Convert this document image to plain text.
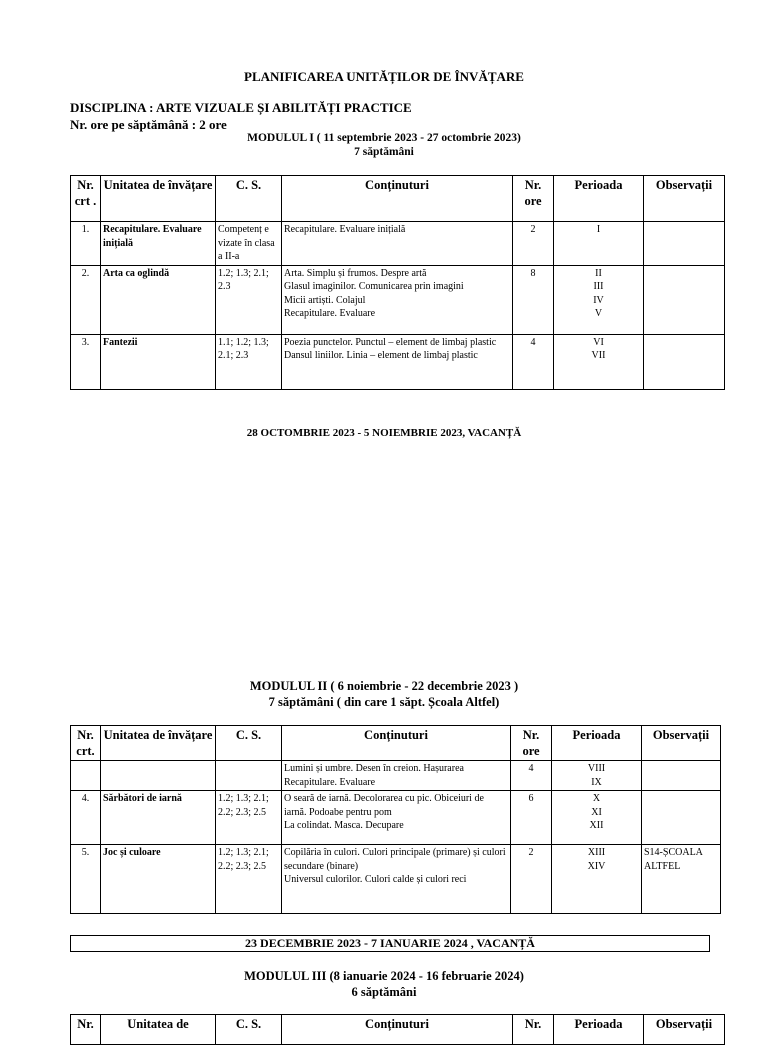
PLANIFICAREA UNITĂȚILOR DE ÎNVĂȚARE
DISCIPLINA : ARTE VIZUALE ȘI ABILITĂȚI PRACTICE
Nr. ore pe săptămână : 2 ore
MODULUL I ( 11 septembrie 2023 - 27 octombrie 2023)
7 săptămâni
Nr. crt .	Unitatea de învățare	C. S.	Conținuturi	Nr. ore	Perioada	Observații
1.	Recapitulare. Evaluare inițială	Competenț e vizate în clasa a II-a	Recapitulare. Evaluare inițială	2	I	

2.	Arta ca oglindă	1.2; 1.3; 2.1; 2.3	Arta. Simplu și frumos. Despre artă
Glasul imaginilor. Comunicarea prin imagini
Micii artiști. Colajul
Recapitulare. Evaluare	8	II
III
IV
V	

3.	Fantezii	1.1; 1.2; 1.3; 2.1; 2.3	Poezia punctelor. Punctul – element de limbaj plastic
Dansul liniilor. Linia – element de limbaj plastic	4	VI
VII	

28 OCTOMBRIE 2023 - 5 NOIEMBRIE 2023, VACANȚĂ
MODULUL II ( 6 noiembrie - 22 decembrie 2023 )
7 săptămâni ( din care 1 săpt. Școala Altfel)
Nr. crt.	Unitatea de învățare	C. S.	Conținuturi	Nr. ore	Perioada	Observații

			Lumini și umbre. Desen în creion. Hașurarea
Recapitulare. Evaluare	4	VIII
IX	

4.	Sărbători de iarnă	1.2; 1.3; 2.1; 2.2; 2.3; 2.5	O seară de iarnă. Decolorarea cu pic. Obiceiuri de iarnă. Podoabe pentru pom
La colindat. Masca. Decupare	6	X
XI
XII	

5.	Joc și culoare	1.2; 1.3; 2.1; 2.2; 2.3; 2.5	Copilăria în culori. Culori principale (primare) și culori secundare (binare)
Universul culorilor. Culori calde și culori reci	2	XIII
XIV	S14-ȘCOALA ALTFEL
23 DECEMBRIE 2023 - 7 IANUARIE 2024 , VACANȚĂ
MODULUL III (8 ianuarie 2024 - 16 februarie 2024)
6 săptămâni
Nr.	Unitatea de	C. S.	Conținuturi	Nr.	Perioada	Observații
